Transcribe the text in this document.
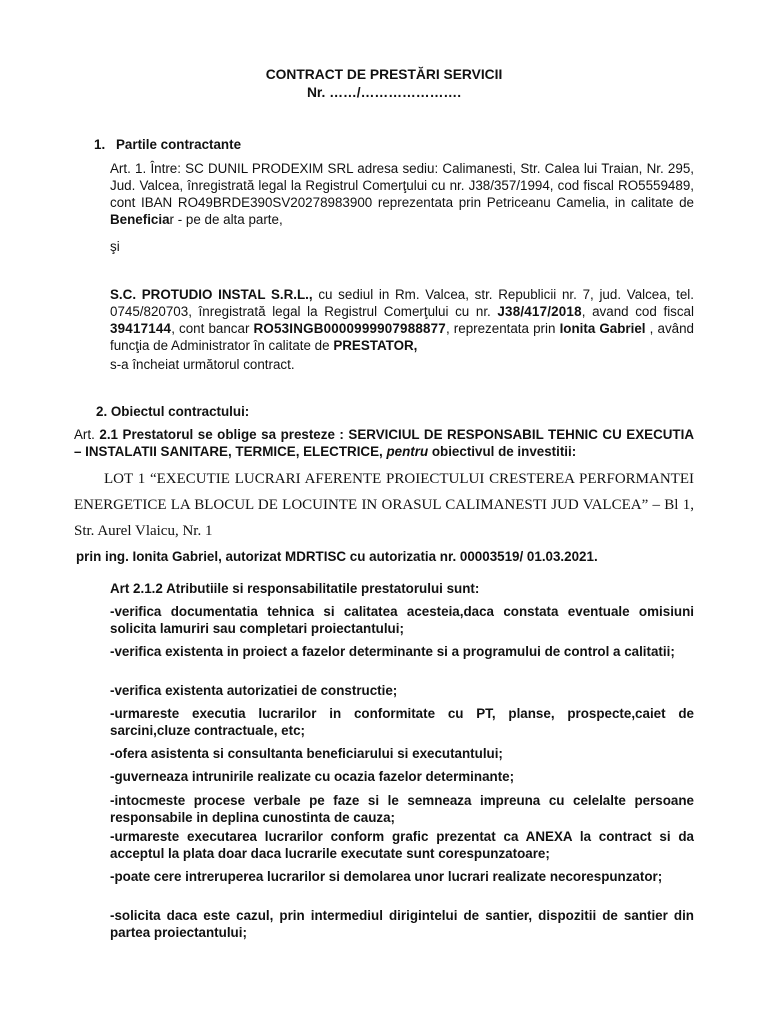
CONTRACT DE PRESTĂRI SERVICII
Nr. ……/………………….
1. Partile contractante
Art. 1. Între: SC DUNIL PRODEXIM SRL adresa sediu: Calimanesti, Str. Calea lui Traian, Nr. 295, Jud. Valcea, înregistrată legal la Registrul Comerţului cu nr. J38/357/1994, cod fiscal RO5559489, cont IBAN RO49BRDE390SV20278983900 reprezentata prin Petriceanu Camelia, in calitate de Beneficiar - pe de alta parte,
şi
S.C. PROTUDIO INSTAL S.R.L., cu sediul in Rm. Valcea, str. Republicii nr. 7, jud. Valcea, tel. 0745/820703, înregistrată legal la Registrul Comerţului cu nr. J38/417/2018, avand cod fiscal 39417144, cont bancar RO53INGB0000999907988877, reprezentata prin Ionita Gabriel , având funcţia de Administrator în calitate de PRESTATOR,
s-a încheiat următorul contract.
2. Obiectul contractului:
Art. 2.1 Prestatorul se oblige sa presteze : SERVICIUL DE RESPONSABIL TEHNIC CU EXECUTIA – INSTALATII SANITARE, TERMICE, ELECTRICE, pentru obiectivul de investitii:
LOT 1 “EXECUTIE LUCRARI AFERENTE PROIECTULUI CRESTEREA PERFORMANTEI ENERGETICE LA BLOCUL DE LOCUINTE IN ORASUL CALIMANESTI JUD VALCEA” – Bl 1, Str. Aurel Vlaicu, Nr. 1
prin ing. Ionita Gabriel, autorizat MDRTISC cu autorizatia nr. 00003519/ 01.03.2021.
Art 2.1.2 Atributiile si responsabilitatile prestatorului sunt:
-verifica documentatia tehnica si calitatea acesteia,daca constata eventuale omisiuni solicita lamuriri sau completari proiectantului;
-verifica existenta in proiect a fazelor determinante si a programului de control a calitatii;
-verifica existenta autorizatiei de constructie;
-urmareste executia lucrarilor in conformitate cu PT, planse, prospecte,caiet de sarcini,cluze contractuale, etc;
-ofera asistenta si consultanta beneficiarului si executantului;
-guverneaza intrunirile realizate cu ocazia fazelor determinante;
-intocmeste procese verbale pe faze si le semneaza impreuna cu celelalte persoane responsabile in deplina cunostinta de cauza;
-urmareste executarea lucrarilor conform grafic prezentat ca ANEXA la contract si da acceptul la plata doar daca lucrarile executate sunt corespunzatoare;
-poate cere intreruperea lucrarilor si demolarea unor lucrari realizate necorespunzator;
-solicita daca este cazul, prin intermediul dirigintelui de santier, dispozitii de santier din partea proiectantului;
